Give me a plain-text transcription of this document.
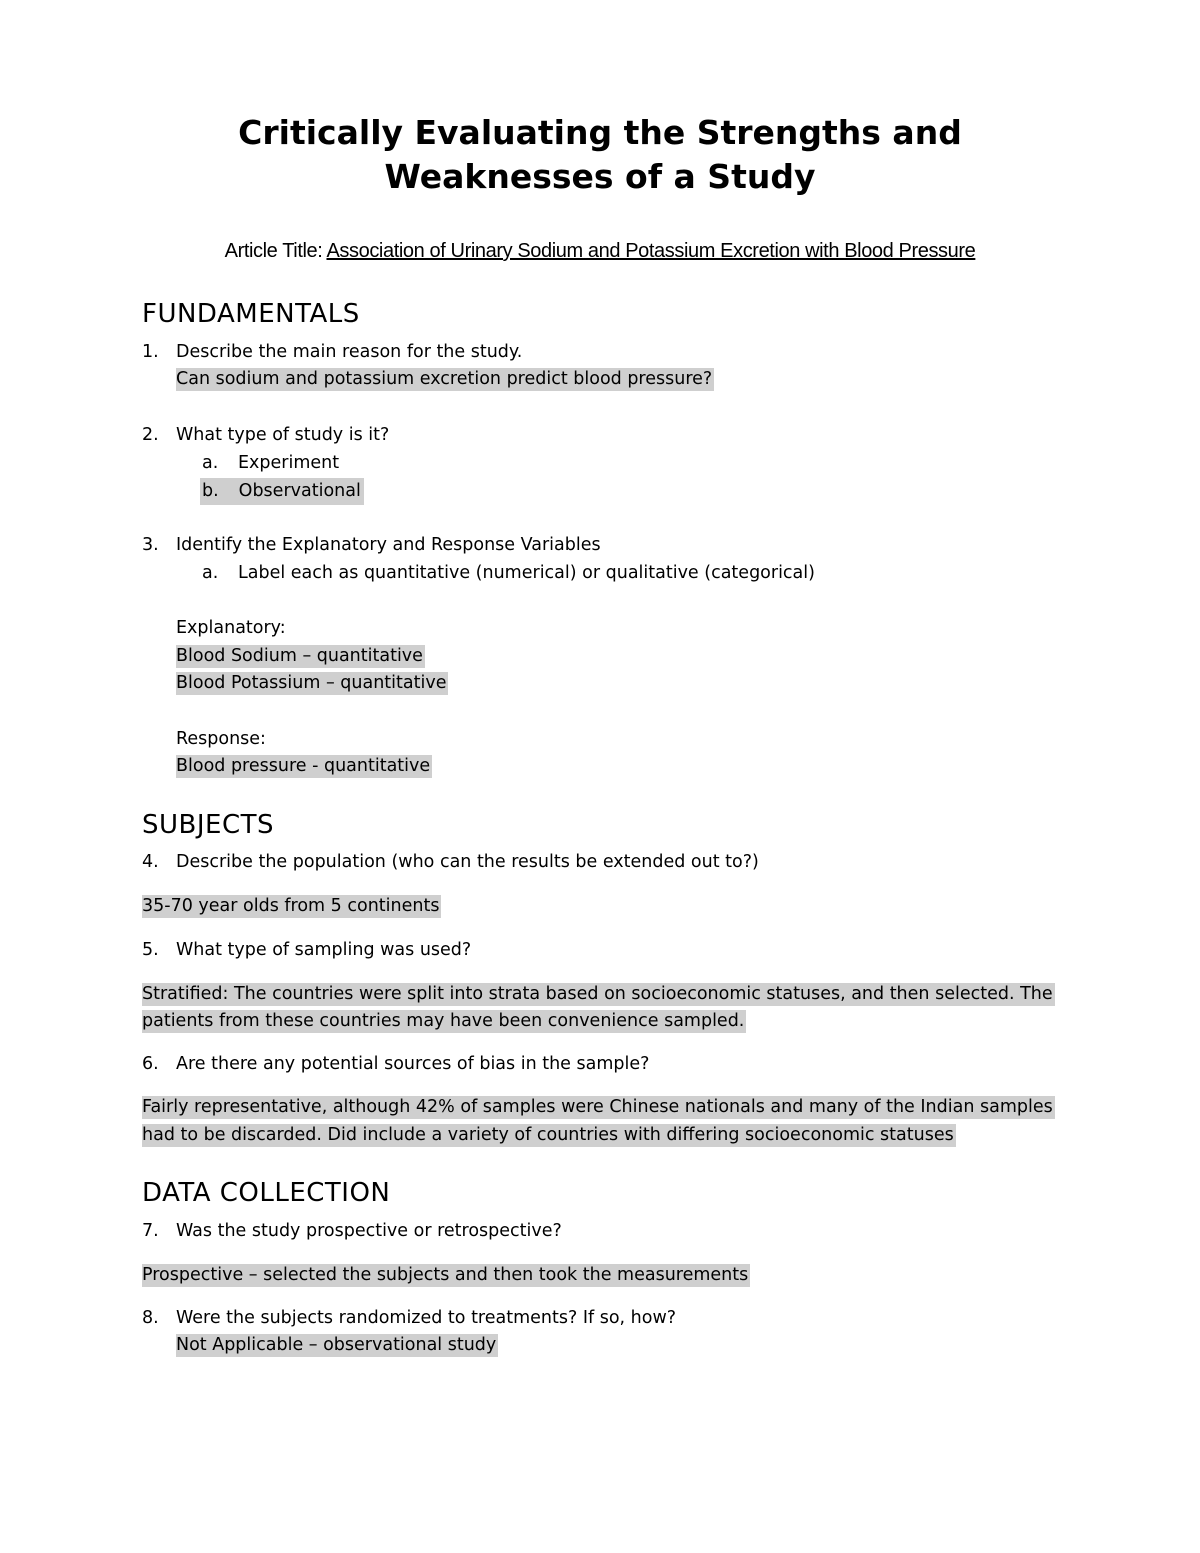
Critically Evaluating the Strengths and
Weaknesses of a Study
Article Title: Association of Urinary Sodium and Potassium Excretion with Blood Pressure
FUNDAMENTALS
1. Describe the main reason for the study.
Can sodium and potassium excretion predict blood pressure?
2. What type of study is it?
a. Experiment
b. Observational
3. Identify the Explanatory and Response Variables
a. Label each as quantitative (numerical) or qualitative (categorical)
Explanatory:
Blood Sodium – quantitative
Blood Potassium – quantitative
Response:
Blood pressure - quantitative
SUBJECTS
4. Describe the population (who can the results be extended out to?)
35-70 year olds from 5 continents
5. What type of sampling was used?
Stratified: The countries were split into strata based on socioeconomic statuses, and then selected. The
patients from these countries may have been convenience sampled.
6. Are there any potential sources of bias in the sample?
Fairly representative, although 42% of samples were Chinese nationals and many of the Indian samples
had to be discarded. Did include a variety of countries with differing socioeconomic statuses
DATA COLLECTION
7. Was the study prospective or retrospective?
Prospective – selected the subjects and then took the measurements
8. Were the subjects randomized to treatments? If so, how?
Not Applicable – observational study
